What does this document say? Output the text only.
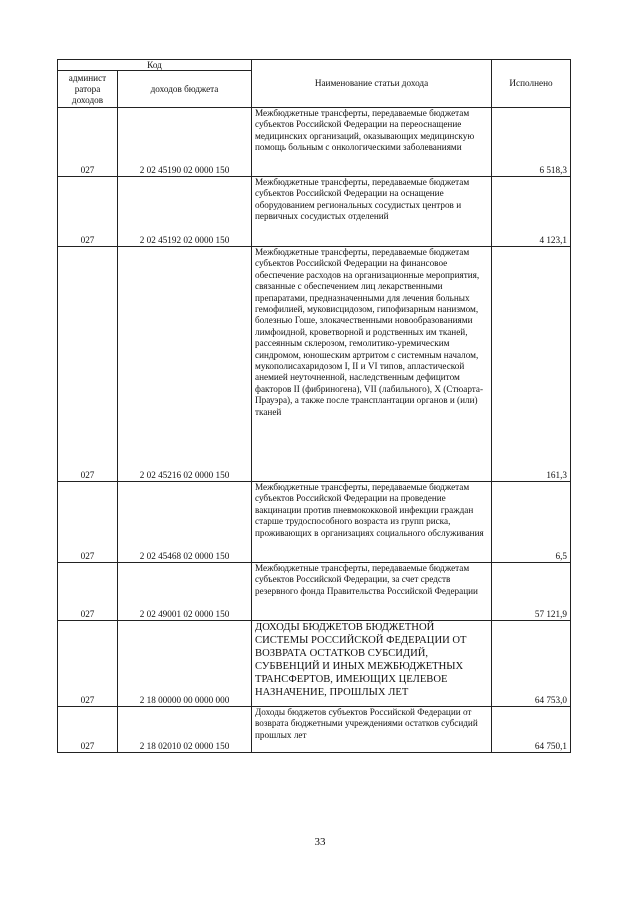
Код		Наименование статьи дохода	Исполнено
админист ратора доходов	доходов бюджета		
027	2 02 45190 02 0000 150	Межбюджетные трансферты, передаваемые бюджетам субъектов Российской Федерации на переоснащение медицинских организаций, оказывающих медицинскую помощь больным с онкологическими заболеваниями	6 518,3
027	2 02 45192 02 0000 150	Межбюджетные трансферты, передаваемые бюджетам субъектов Российской Федерации на оснащение оборудованием региональных сосудистых центров и первичных сосудистых отделений	4 123,1
027	2 02 45216 02 0000 150	Межбюджетные трансферты, передаваемые бюджетам субъектов Российской Федерации на финансовое обеспечение расходов на организационные мероприятия, связанные с обеспечением лиц лекарственными препаратами, предназначенными для лечения больных гемофилией, муковисцидозом, гипофизарным нанизмом, болезнью Гоше, злокачественными новообразованиями лимфоидной, кроветворной и родственных им тканей, рассеянным склерозом, гемолитико-уремическим синдромом, юношеским артритом с системным началом, мукополисахаридозом I, II и VI типов, апластической анемией неуточненной, наследственным дефицитом факторов II (фибриногена), VII (лабильного), X (Стюарта-Прауэра), а также после трансплантации органов и (или) тканей	161,3
027	2 02 45468 02 0000 150	Межбюджетные трансферты, передаваемые бюджетам субъектов Российской Федерации на проведение вакцинации против пневмококковой инфекции граждан старше трудоспособного возраста из групп риска, проживающих в организациях социального обслуживания	6,5
027	2 02 49001 02 0000 150	Межбюджетные трансферты, передаваемые бюджетам субъектов Российской Федерации, за счет средств резервного фонда Правительства Российской Федерации	57 121,9
027	2 18 00000 00 0000 000	ДОХОДЫ БЮДЖЕТОВ БЮДЖЕТНОЙ СИСТЕМЫ РОССИЙСКОЙ ФЕДЕРАЦИИ ОТ ВОЗВРАТА ОСТАТКОВ СУБСИДИЙ, СУБВЕНЦИЙ И ИНЫХ МЕЖБЮДЖЕТНЫХ ТРАНСФЕРТОВ, ИМЕЮЩИХ ЦЕЛЕВОЕ НАЗНАЧЕНИЕ, ПРОШЛЫХ ЛЕТ	64 753,0
027	2 18 02010 02 0000 150	Доходы бюджетов субъектов Российской Федерации от возврата бюджетными учреждениями остатков субсидий прошлых лет	64 750,1
33
